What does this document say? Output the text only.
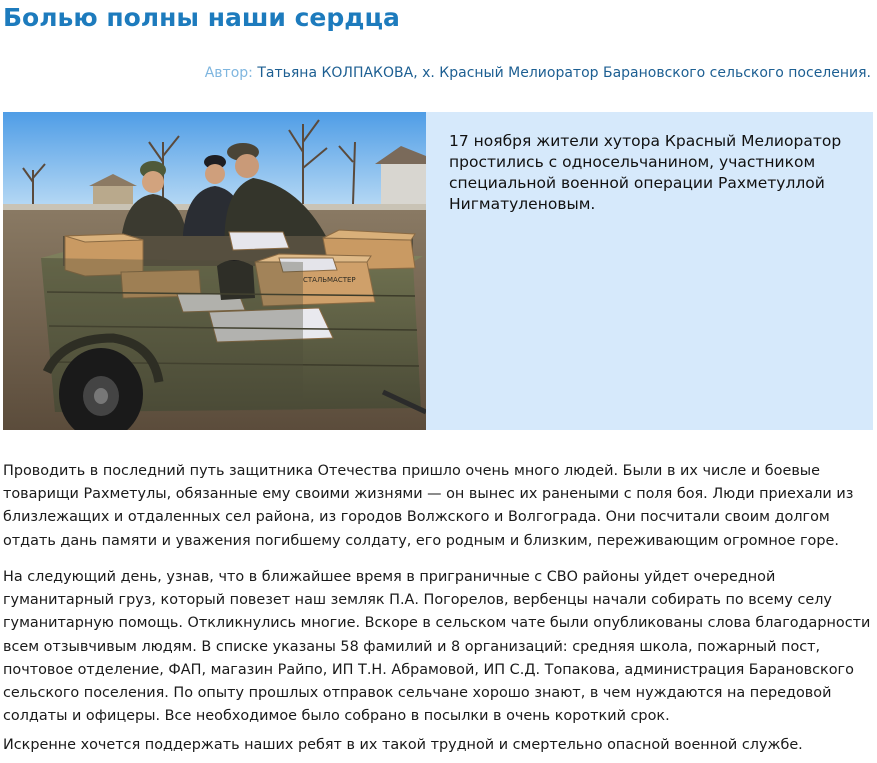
Болью полны наши сердца
Автор: Татьяна КОЛПАКОВА, х. Красный Мелиоратор Барановского сельского поселения.
СТАЛЬМАСТЕР
17 ноября жители хутора Красный Мелиоратор простились с односельчанином, участником специальной военной операции Рахметуллой Нигматуленовым.

Проводить в последний путь защитника Отечества пришло очень много людей. Были в их числе и боевые товарищи Рахметулы, обязанные ему своими жизнями — он вынес их ранеными с поля боя. Люди приехали из близлежащих и отдаленных сел района, из городов Волжского и Волгограда. Они посчитали своим долгом отдать дань памяти и уважения погибшему солдату, его родным и близким, переживающим огромное горе.

На следующий день, узнав, что в ближайшее время в приграничные с СВО районы уйдет очередной гуманитарный груз, который повезет наш земляк П.А. Погорелов, вербенцы начали собирать по всему селу гуманитарную помощь. Откликнулись многие. Вскоре в сельском чате были опубликованы слова благодарности всем отзывчивым людям. В списке указаны 58 фамилий и 8 организаций: средняя школа, пожарный пост, почтовое отделение, ФАП, магазин Райпо, ИП Т.Н. Абрамовой, ИП С.Д. Топакова, администрация Барановского сельского поселения. По опыту прошлых отправок сельчане хорошо знают, в чем нуждаются на передовой солдаты и офицеры. Все необходимое было собрано в посылки в очень короткий срок.

Искренне хочется поддержать наших ребят в их такой трудной и смертельно опасной военной службе.
